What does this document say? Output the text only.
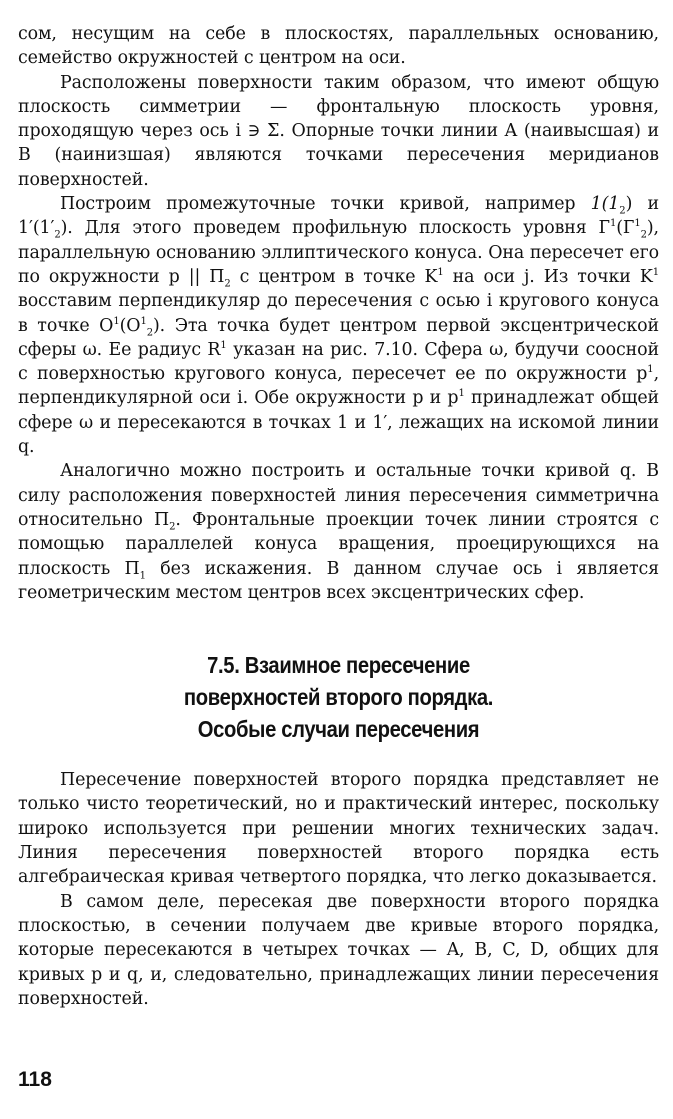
сом, несущим на себе в плоскостях, параллельных основанию, семейство окружностей с центром на оси.

Расположены поверхности таким образом, что имеют общую плоскость симметрии — фронтальную плоскость уровня, проходящую через ось i ∋ Σ. Опорные точки линии A (наивысшая) и B (наинизшая) являются точками пересечения меридианов поверхностей.

Построим промежуточные точки кривой, например $1(1_2)$ и $1'(1'_2)$. Для этого проведем профильную плоскость уровня $Г^1(Г^1_2)$, параллельную основанию эллиптического конуса. Она пересечет его по окружности p || $П_2$ с центром в точке $K^1$ на оси j. Из точки $K^1$ восставим перпендикуляр до пересечения с осью i кругового конуса в точке $O^1(O^1_2)$. Эта точка будет центром первой эксцентрической сферы ω. Ее радиус $R^1$ указан на рис. 7.10. Сфера ω, будучи соосной с поверхностью кругового конуса, пересечет ее по окружности $p^1$, перпендикулярной оси i. Обе окружности p и $p^1$ принадлежат общей сфере ω и пересекаются в точках 1 и 1′, лежащих на искомой линии q.

Аналогично можно построить и остальные точки кривой q. В силу расположения поверхностей линия пересечения симметрична относительно $П_2$. Фронтальные проекции точек линии строятся с помощью параллелей конуса вращения, проецирующихся на плоскость $П_1$ без искажения. В данном случае ось i является геометрическим местом центров всех эксцентрических сфер.

7.5. Взаимное пересечение
поверхностей второго порядка.
Особые случаи пересечения

Пересечение поверхностей второго порядка представляет не только чисто теоретический, но и практический интерес, поскольку широко используется при решении многих технических задач. Линия пересечения поверхностей второго порядка есть алгебраическая кривая четвертого порядка, что легко доказывается.

В самом деле, пересекая две поверхности второго порядка плоскостью, в сечении получаем две кривые второго порядка, которые пересекаются в четырех точках — A, B, C, D, общих для кривых p и q, и, следовательно, принадлежащих линии пересечения поверхностей.

118
